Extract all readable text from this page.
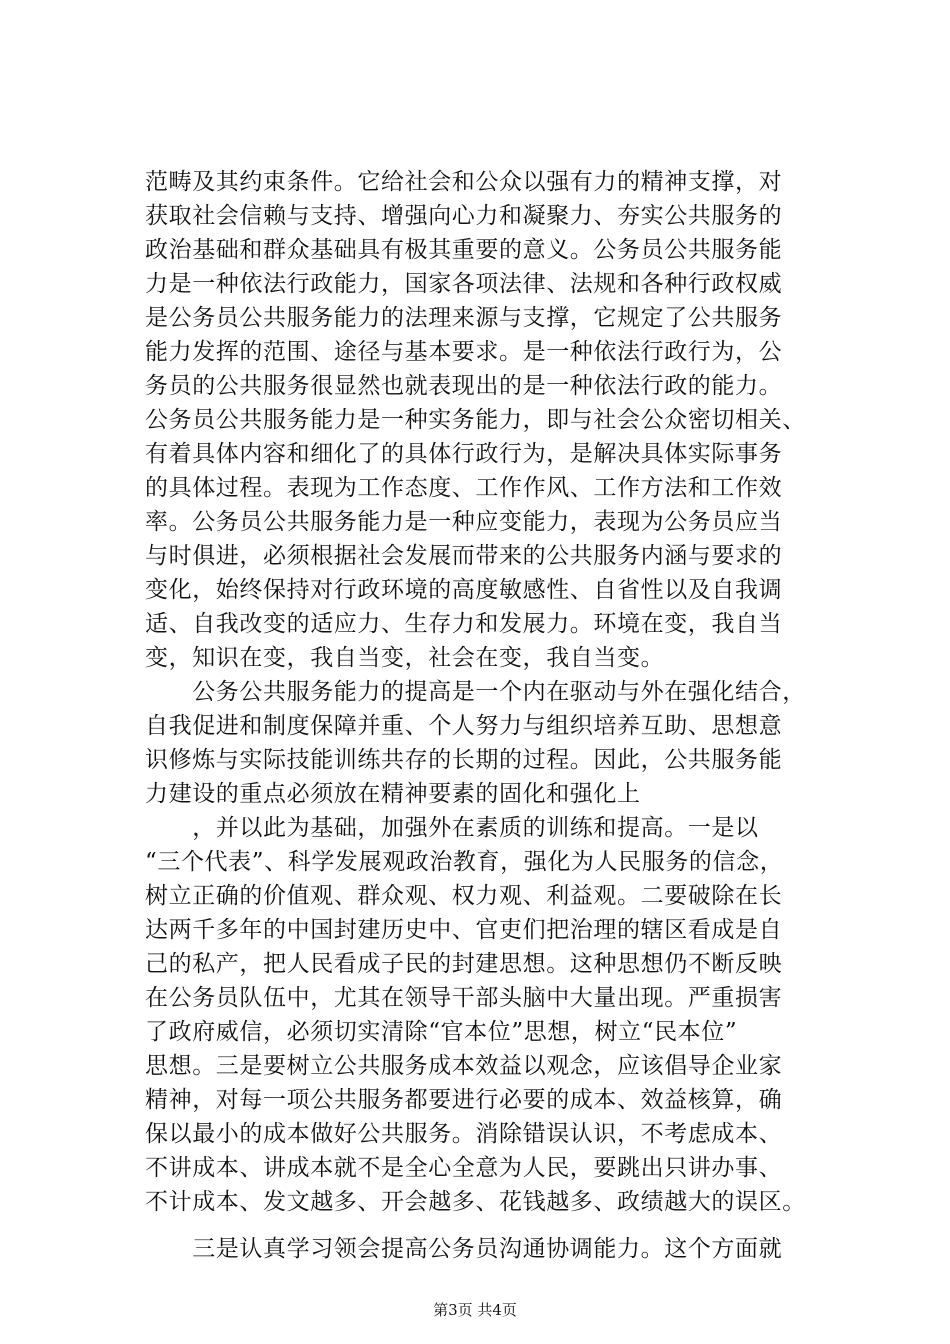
范畴及其约束条件。它给社会和公众以强有力的精神支撑，对
获取社会信赖与支持、增强向心力和凝聚力、夯实公共服务的
政治基础和群众基础具有极其重要的意义。公务员公共服务能
力是一种依法行政能力，国家各项法律、法规和各种行政权威
是公务员公共服务能力的法理来源与支撑，它规定了公共服务
能力发挥的范围、途径与基本要求。是一种依法行政行为，公
务员的公共服务很显然也就表现出的是一种依法行政的能力。
公务员公共服务能力是一种实务能力，即与社会公众密切相关、
有着具体内容和细化了的具体行政行为，是解决具体实际事务
的具体过程。表现为工作态度、工作作风、工作方法和工作效
率。公务员公共服务能力是一种应变能力，表现为公务员应当
与时俱进，必须根据社会发展而带来的公共服务内涵与要求的
变化，始终保持对行政环境的高度敏感性、自省性以及自我调
适、自我改变的适应力、生存力和发展力。环境在变，我自当
变，知识在变，我自当变，社会在变，我自当变。
　　公务公共服务能力的提高是一个内在驱动与外在强化结合，
自我促进和制度保障并重、个人努力与组织培养互助、思想意
识修炼与实际技能训练共存的长期的过程。因此，公共服务能
力建设的重点必须放在精神要素的固化和强化上
　　，并以此为基础，加强外在素质的训练和提高。一是以
“三个代表”、科学发展观政治教育，强化为人民服务的信念，
树立正确的价值观、群众观、权力观、利益观。二要破除在长
达两千多年的中国封建历史中、官吏们把治理的辖区看成是自
己的私产，把人民看成子民的封建思想。这种思想仍不断反映
在公务员队伍中，尤其在领导干部头脑中大量出现。严重损害
了政府威信，必须切实清除“官本位”思想，树立“民本位”
思想。三是要树立公共服务成本效益以观念，应该倡导企业家
精神，对每一项公共服务都要进行必要的成本、效益核算，确
保以最小的成本做好公共服务。消除错误认识，不考虑成本、
不讲成本、讲成本就不是全心全意为人民，要跳出只讲办事、
不计成本、发文越多、开会越多、花钱越多、政绩越大的误区。
　　三是认真学习领会提高公务员沟通协调能力。这个方面就
第3页 共4页
